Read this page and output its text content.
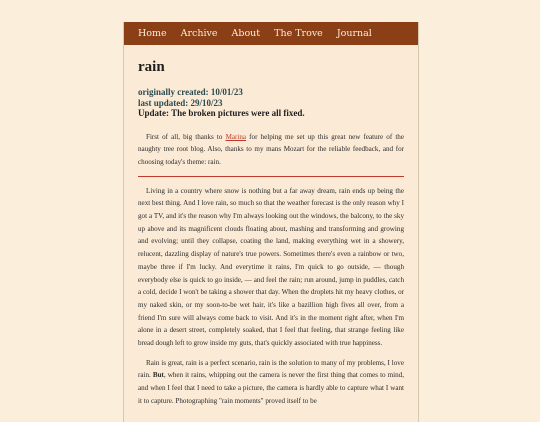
Home Archive About The Trove Journal
rain
originally created: 10/01/23
last updated: 29/10/23
Update: The broken pictures were all fixed.

First of all, big thanks to Marina for helping me set up this great new feature of the naughty tree root blog. Also, thanks to my mans Mozart for the reliable feedback, and for choosing today's theme: rain.

Living in a country where snow is nothing but a far away dream, rain ends up being the next best thing. And I love rain, so much so that the weather forecast is the only reason why I got a TV, and it's the reason why I'm always looking out the windows, the balcony, to the sky up above and its magnificent clouds floating about, mashing and transforming and growing and evolving; until they collapse, coating the land, making everything wet in a showery, relucent, dazzling display of nature's true powers. Sometimes there's even a rainbow or two, maybe three if I'm lucky. And everytime it rains, I'm quick to go outside, — though everybody else is quick to go inside, — and feel the rain; run around, jump in puddles, catch a cold, decide I won't be taking a shower that day. When the droplets hit my heavy clothes, or my naked skin, or my soon-to-be wet hair, it's like a bazillion high fives all over, from a friend I'm sure will always come back to visit. And it's in the moment right after, when I'm alone in a desert street, completely soaked, that I feel that feeling, that strange feeling like bread dough left to grow inside my guts, that's quickly associated with true happiness.

Rain is great, rain is a perfect scenario, rain is the solution to many of my problems, I love rain. But, when it rains, whipping out the camera is never the first thing that comes to mind, and when I feel that I need to take a picture, the camera is hardly able to capture what I want it to capture. Photographing "rain moments" proved itself to be
